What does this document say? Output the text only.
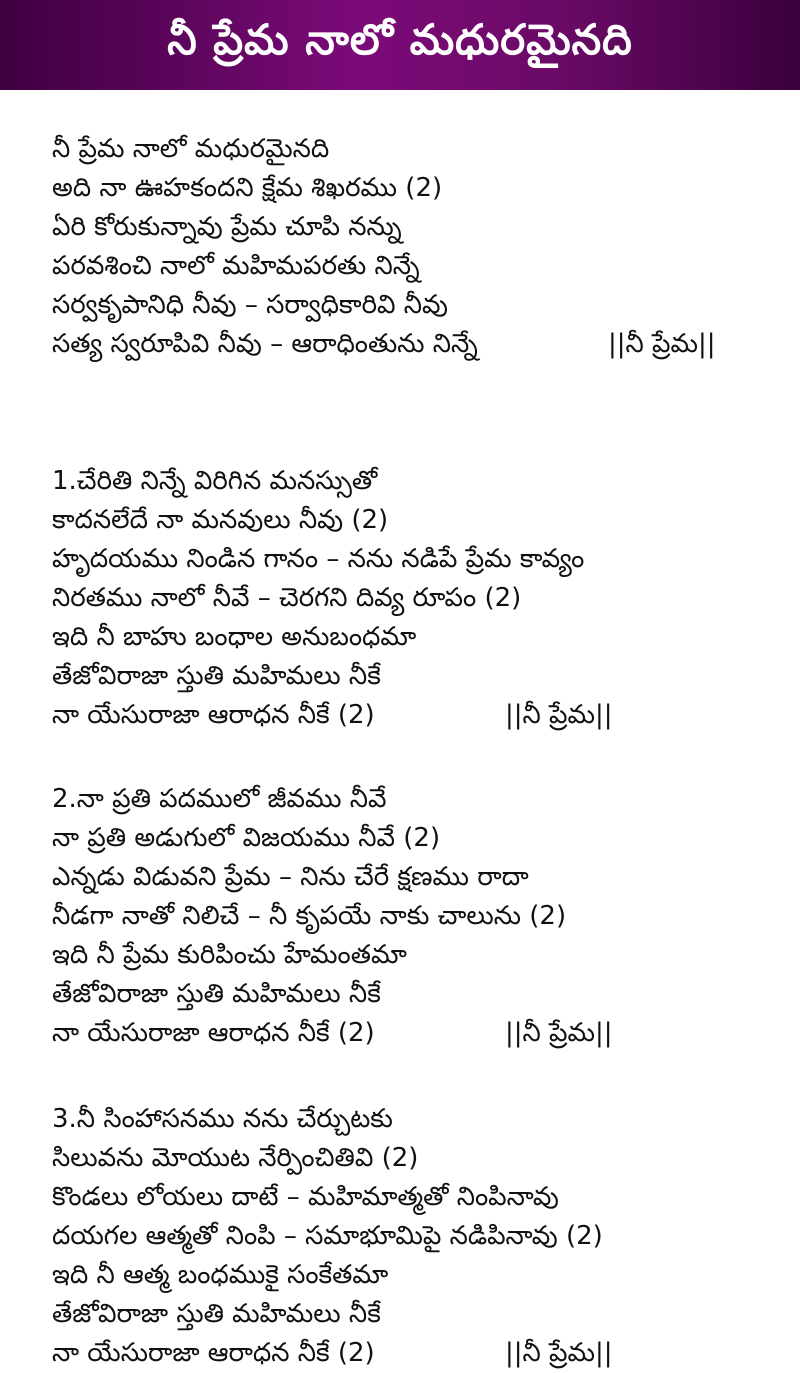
నీ ప్రేమ నాలో మధురమైనది
నీ ప్రేమ నాలో మధురమైనది
అది నా ఊహకందని క్షేమ శిఖరము (2)
ఏరి కోరుకున్నావు ప్రేమ చూపి నన్ను
పరవశించి నాలో మహిమపరతు నిన్నే
సర్వకృపానిధి నీవు – సర్వాధికారివి నీవు
సత్య స్వరూపివి నీవు – ఆరాధింతును నిన్నే	||నీ ప్రేమ||
1.చేరితి నిన్నే విరిగిన మనస్సుతో
కాదనలేదే నా మనవులు నీవు (2)
హృదయము నిండిన గానం – నను నడిపే ప్రేమ కావ్యం
నిరతము నాలో నీవే – చెరగని దివ్య రూపం (2)
ఇది నీ బాహు బంధాల అనుబంధమా
తేజోవిరాజా స్తుతి మహిమలు నీకే
నా యేసురాజా ఆరాధన నీకే (2)	||నీ ప్రేమ||
2.నా ప్రతి పదములో జీవము నీవే
నా ప్రతి అడుగులో విజయము నీవే (2)
ఎన్నడు విడువని ప్రేమ – నిను చేరే క్షణము రాదా
నీడగా నాతో నిలిచే – నీ కృపయే నాకు చాలును (2)
ఇది నీ ప్రేమ కురిపించు హేమంతమా
తేజోవిరాజా స్తుతి మహిమలు నీకే
నా యేసురాజా ఆరాధన నీకే (2)	||నీ ప్రేమ||
3.నీ సింహాసనము నను చేర్చుటకు
సిలువను మోయుట నేర్పించితివి (2)
కొండలు లోయలు దాటే – మహిమాత్మతో నింపినావు
దయగల ఆత్మతో నింపి – సమాభూమిపై నడిపినావు (2)
ఇది నీ ఆత్మ బంధముకై సంకేతమా
తేజోవిరాజా స్తుతి మహిమలు నీకే
నా యేసురాజా ఆరాధన నీకే (2)	||నీ ప్రేమ||
